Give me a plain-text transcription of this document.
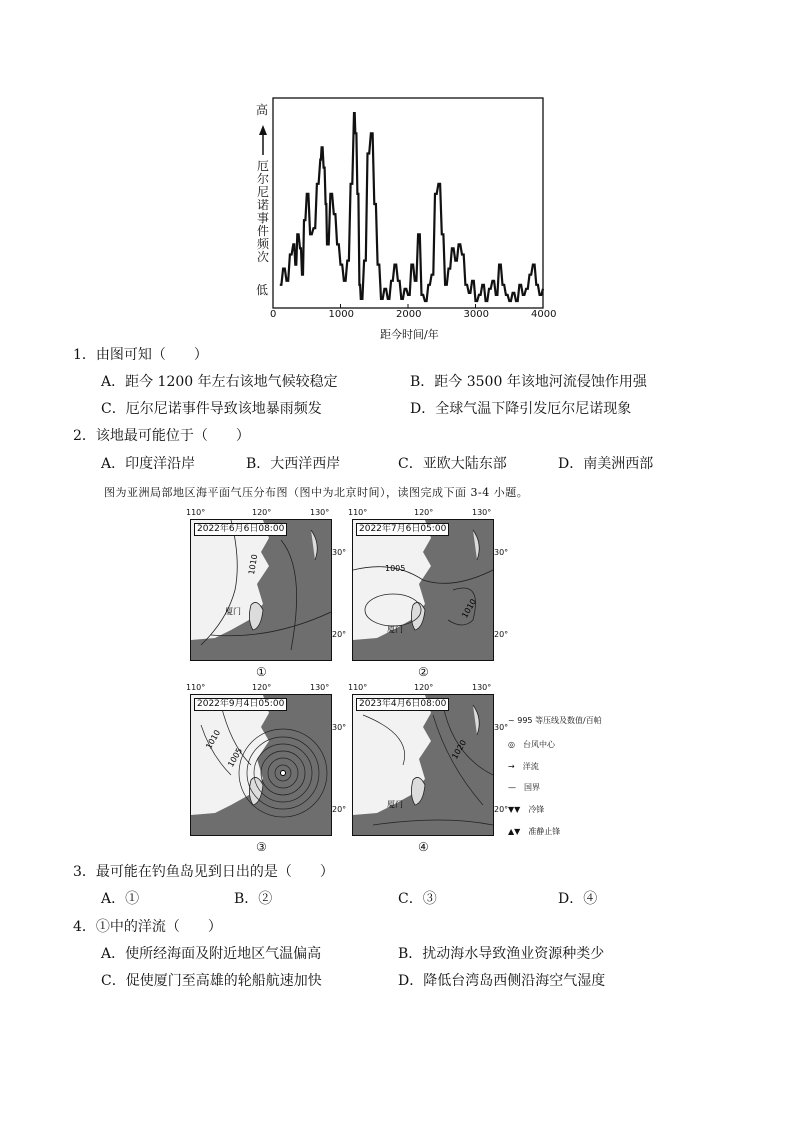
高
厄
尔
尼
诺
事
件
频
次
低
0	1000	2000	3000	4000
距今时间/年
1．由图可知（　　）
A．距今 1200 年左右该地气候较稳定	B．距今 3500 年该地河流侵蚀作用强
C．厄尔尼诺事件导致该地暴雨频发	D．全球气温下降引发厄尔尼诺现象
2．该地最可能位于（　　）
A．印度洋沿岸	B．大西洋西岸	C．亚欧大陆东部	D．南美洲西部
图为亚洲局部地区海平面气压分布图（图中为北京时间），读图完成下面 3-4 小题。
110°	120°	130°
2022年6月6日08:00
1010
厦门
30°
20°
①
110°	120°	130°
2022年7月6日05:00
1005
1010
厦门
30°
20°
②
110°	120°	130°
2022年9月4日05:00
1010
1005
30°
20°
③
110°	120°	130°
2023年4月6日08:00
1020
厦门
30°
20°
④
~ 995 等压线及数值/百帕
◎　 台风中心
→　 洋流
—　 国界
▼▼　 冷锋
▲▼　 准静止锋
3．最可能在钓鱼岛见到日出的是（　　）
A．①	B．②	C．③	D．④
4．①中的洋流（　　）
A．使所经海面及附近地区气温偏高	B．扰动海水导致渔业资源种类少
C．促使厦门至高雄的轮船航速加快	D．降低台湾岛西侧沿海空气湿度
